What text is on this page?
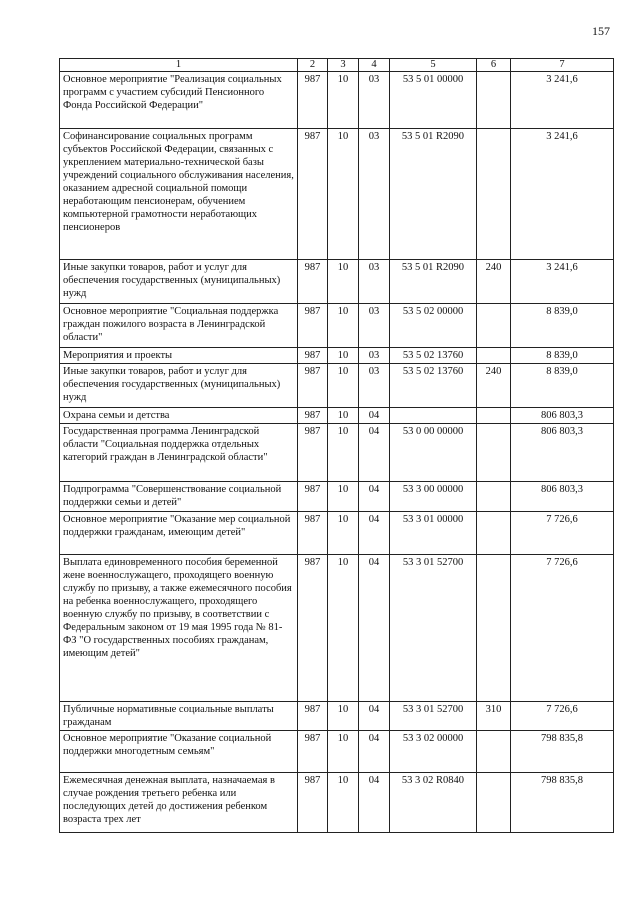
157
1	2	3	4	5	6	7
Основное мероприятие "Реализация социальных программ с участием субсидий Пенсионного Фонда Российской Федерации"	987	10	03	53 5 01 00000		3 241,6
Софинансирование социальных программ субъектов Российской Федерации, связанных с укреплением материально-технической базы учреждений социального обслуживания населения, оказанием адресной социальной помощи неработающим пенсионерам, обучением компьютерной грамотности неработающих пенсионеров	987	10	03	53 5 01 R2090		3 241,6
Иные закупки товаров, работ и услуг для обеспечения государственных (муниципальных) нужд	987	10	03	53 5 01 R2090	240	3 241,6
Основное мероприятие "Социальная поддержка граждан пожилого возраста в Ленинградской области"	987	10	03	53 5 02 00000		8 839,0
Мероприятия и проекты	987	10	03	53 5 02 13760		8 839,0
Иные закупки товаров, работ и услуг для обеспечения государственных (муниципальных) нужд	987	10	03	53 5 02 13760	240	8 839,0
Охрана семьи и детства	987	10	04			806 803,3
Государственная программа Ленинградской области "Социальная поддержка отдельных категорий граждан в Ленинградской области"	987	10	04	53 0 00 00000		806 803,3
Подпрограмма "Совершенствование социальной поддержки семьи и детей"	987	10	04	53 3 00 00000		806 803,3
Основное мероприятие "Оказание мер социальной поддержки гражданам, имеющим детей"	987	10	04	53 3 01 00000		7 726,6
Выплата единовременного пособия беременной жене военнослужащего, проходящего военную службу по призыву, а также ежемесячного пособия на ребенка военнослужащего, проходящего военную службу по призыву, в соответствии с Федеральным законом от 19 мая 1995 года № 81-ФЗ "О государственных пособиях гражданам, имеющим детей"	987	10	04	53 3 01 52700		7 726,6
Публичные нормативные социальные выплаты гражданам	987	10	04	53 3 01 52700	310	7 726,6
Основное мероприятие "Оказание социальной поддержки многодетным семьям"	987	10	04	53 3 02 00000		798 835,8
Ежемесячная денежная выплата, назначаемая в случае рождения третьего ребенка или последующих детей до достижения ребенком возраста трех лет	987	10	04	53 3 02 R0840		798 835,8
